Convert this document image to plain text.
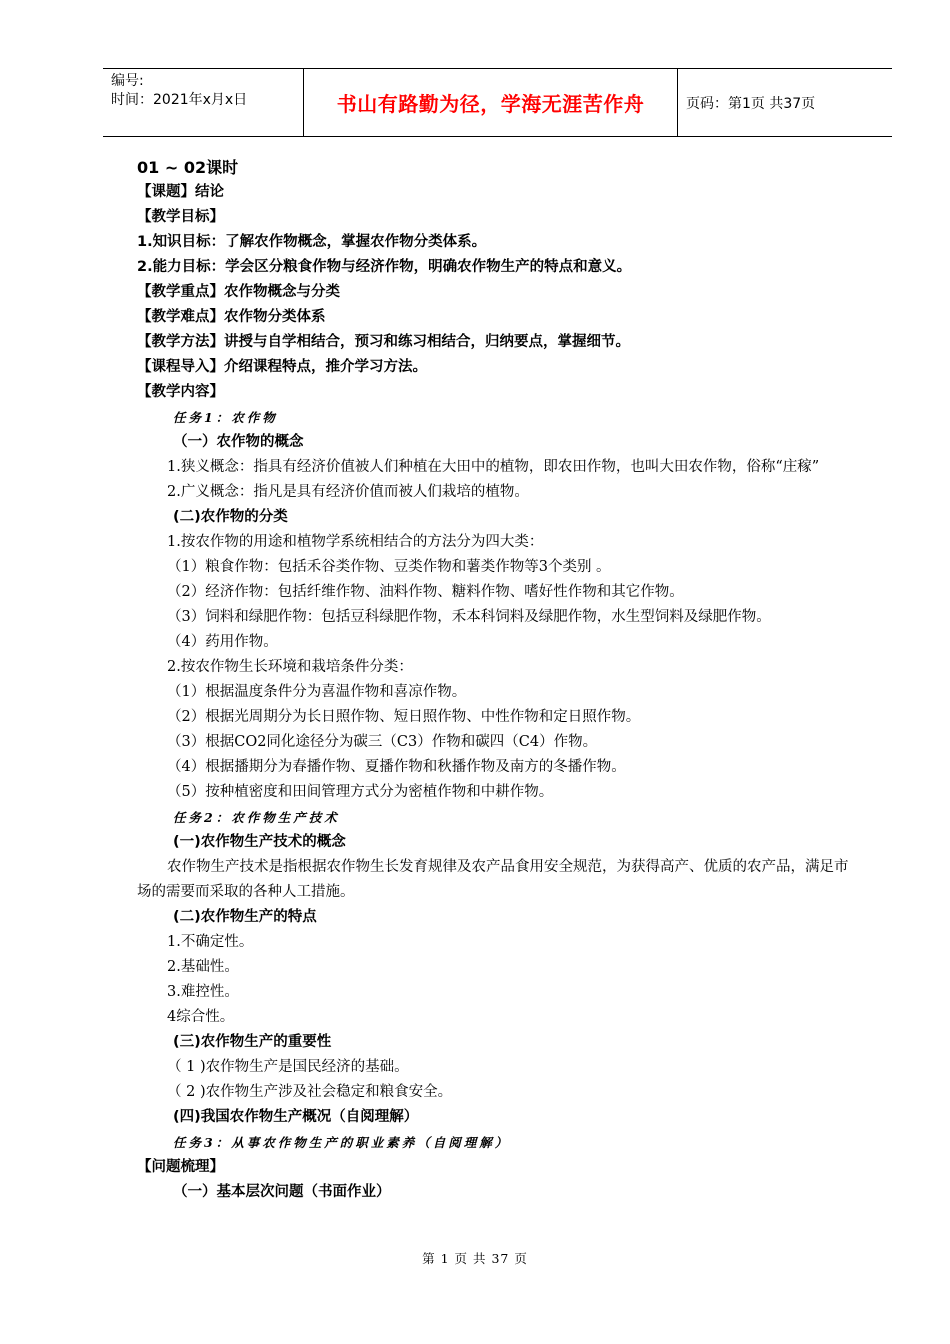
编号:
时间：2021年x月x日	书山有路勤为径，学海无涯苦作舟	页码：第1页 共37页
01 ~ 02课时
【课题】结论
【教学目标】
1.知识目标：了解农作物概念，掌握农作物分类体系。
2.能力目标：学会区分粮食作物与经济作物，明确农作物生产的特点和意义。
【教学重点】农作物概念与分类
【教学难点】农作物分类体系
【教学方法】讲授与自学相结合，预习和练习相结合，归纳要点，掌握细节。
【课程导入】介绍课程特点，推介学习方法。
【教学内容】
任务1：农作物
（一）农作物的概念
1.狭义概念：指具有经济价值被人们种植在大田中的植物，即农田作物，也叫大田农作物，俗称“庄稼”
2.广义概念：指凡是具有经济价值而被人们栽培的植物。
(二)农作物的分类
1.按农作物的用途和植物学系统相结合的方法分为四大类：
（1）粮食作物：包括禾谷类作物、豆类作物和薯类作物等3个类别 。
（2）经济作物：包括纤维作物、油料作物、糖料作物、嗜好性作物和其它作物。
（3）饲料和绿肥作物：包括豆科绿肥作物，禾本科饲料及绿肥作物，水生型饲料及绿肥作物。
（4）药用作物。
2.按农作物生长环境和栽培条件分类：
（1）根据温度条件分为喜温作物和喜凉作物。
（2）根据光周期分为长日照作物、短日照作物、中性作物和定日照作物。
（3）根据CO2同化途径分为碳三（C3）作物和碳四（C4）作物。
（4）根据播期分为春播作物、夏播作物和秋播作物及南方的冬播作物。
（5）按种植密度和田间管理方式分为密植作物和中耕作物。
任务2：农作物生产技术
(一)农作物生产技术的概念
农作物生产技术是指根据农作物生长发育规律及农产品食用安全规范，为获得高产、优质的农产品，满足市场的需要而采取的各种人工措施。
(二)农作物生产的特点
1.不确定性。
2.基础性。
3.难控性。
4综合性。
(三)农作物生产的重要性
（ 1 )农作物生产是国民经济的基础。
（ 2 )农作物生产涉及社会稳定和粮食安全。
(四)我国农作物生产概况（自阅理解）
任务3：从事农作物生产的职业素养（自阅理解）
【问题梳理】
（一）基本层次问题（书面作业）
第 1 页 共 37 页
